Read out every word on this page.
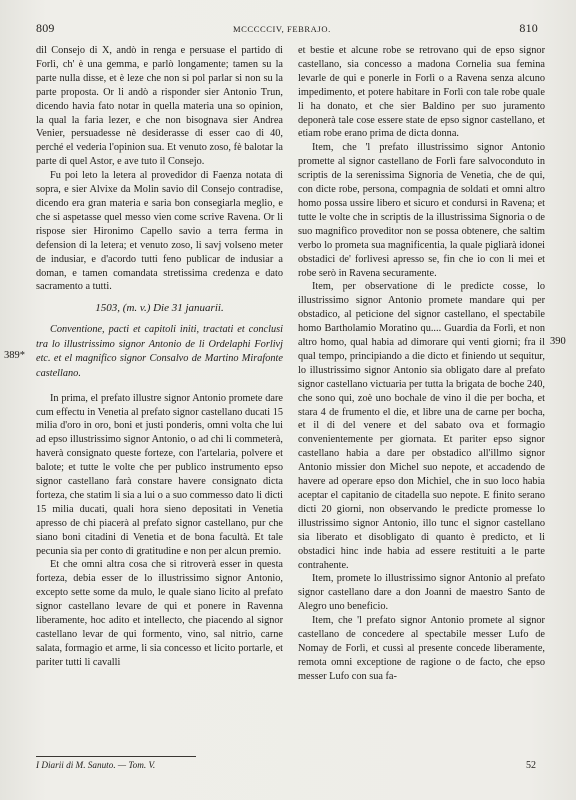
809	MCCCCCIV, FEBRAJO.	810
389*
390

dil Consejo di X, andò in renga e persuase el partido di Forlì, ch' è una gemma, e parlò longamente; tamen su la parte nulla disse, et è leze che non si pol parlar si non su la parte proposta. Or li andò a risponder sier Antonio Trun, dicendo havia fato notar in quella materia una so opinion, la qual la faria lezer, e che non bisognava sier Andrea Venier, persuadesse nè desiderasse di esser cao di 40, perché el vederia l'opinion sua. Et venuto zoso, fè balotar la parte di quel Astor, e ave tuto il Consejo.

Fu poi leto la letera al provedidor di Faenza notata di sopra, e sier Alvixe da Molin savio dil Consejo contradise, dicendo era gran materia e saria bon consegiarla meglio, e che si aspetasse quel messo vien come scrive Ravena. Or li rispose sier Hironimo Capello savio a terra ferma in defension di la letera; et venuto zoso, li savj volseno meter de indusiar, e d'acordo tutti feno publicar de indusiar a doman, e tamen comandata stretissima credenza e dato sacramento a tutti.

1503, (m. v.) Die 31 januarii.

Conventione, pacti et capitoli initi, tractati et conclusi tra lo illustrissimo signor Antonio de li Ordelaphi Forlivj etc. et el magnifico signor Consalvo de Martino Mirafonte castellano.

In prima, el prefato illustre signor Antonio promete dare cum effectu in Venetia al prefato signor castellano ducati 15 milia d'oro in oro, boni et justi ponderis, omni volta che lui ad epso illustrissimo signor Antonio, o ad chi li commeterà, haverà consignato queste forteze, con l'artelaria, polvere et balote; et tutte le volte che per publico instrumento epso signor castellano farà constare havere consignato dicta forteza, che statim li sia a lui o a suo commesso dato li dicti 15 milia ducati, quali hora sieno depositati in Venetia apresso de chi piacerà al prefato signor castellano, pur che siano boni citadini di Venetia et de bona facultà. Et tale pecunia sia per conto di gratitudine e non per alcun premio.

Et che omni altra cosa che si ritroverà esser in questa forteza, debia esser de lo illustrissimo signor Antonio, excepto sette some da mulo, le quale siano licito al prefato signor castellano levare de qui et ponere in Ravenna liberamente, hoc adito et intellecto, che piacendo al signor castellano levar de qui formento, vino, sal nitrio, carne salata, formagio et arme, li sia concesso et licito portarle, et pariter tutti li cavalli

et bestie et alcune robe se retrovano qui de epso signor castellano, sia concesso a madona Cornelia sua femina levarle de qui e ponerle in Forlì o a Ravena senza alcuno impedimento, et potere habitare in Forlì con tale robe quale li ha donato, et che sier Baldino per suo juramento deponerà tale cose essere state de epso signor castellano, et etiam robe erano prima de dicta donna.

Item, che 'l prefato illustrissimo signor Antonio promette al signor castellano de Forlì fare salvoconduto in scriptis de la serenissima Signoria de Venetia, che de qui, con dicte robe, persona, compagnia de soldati et omni altro homo possa ussire libero et sicuro et condursi in Ravena; et tutte le volte che in scriptis de la illustrissima Signoria o de suo magnifico proveditor non se possa obtenere, che saltim verbo lo prometa sua magnificentia, la quale pigliarà idonei obstadici de' forlivesi apresso se, fin che io con li mei et robe serò in Ravena securamente.

Item, per observatione di le predicte cosse, lo illustrissimo signor Antonio promete mandare qui per obstadico, al peticione del signor castellano, el spectabile homo Bartholamio Moratino qu.... Guardia da Forlì, et non altro homo, qual habia ad dimorare qui venti giorni; fra il qual tempo, principiando a die dicto et finiendo ut sequitur, lo illustrissimo signor Antonio sia obligato dare al prefato signor castellano victuaria per tutta la brigata de boche 240, che sono qui, zoè uno bochale de vino il die per bocha, et stara 4 de frumento el die, et libre una de carne per bocha, et il di del venere et del sabato ova et formagio convenientemente per giornata. Et pariter epso signor castellano habia a dare per obstadico all'illmo signor Antonio missier don Michel suo nepote, et accadendo de havere ad operare epso don Michiel, che in suo loco habia aceptar el capitanio de citadella suo nepote. E finito serano dicti 20 giorni, non observando le predicte promesse lo illustrissimo signor Antonio, illo tunc el signor castellano sia liberato et disobligato di quanto è predicto, et li obstadici hinc inde habia ad essere restituiti a le parte contrahente.

Item, promete lo illustrissimo signor Antonio al prefato signor castellano dare a don Joanni de maestro Santo de Alegro uno beneficio.

Item, che 'l prefato signor Antonio promete al signor castellano de concedere al spectabile messer Lufo de Nomay de Forlì, et cussì al presente concede liberamente, remota omni exceptione de ragione o de facto, che epso messer Lufo con sua fa-

I Diarii di M. Sanuto. — Tom. V.	52
